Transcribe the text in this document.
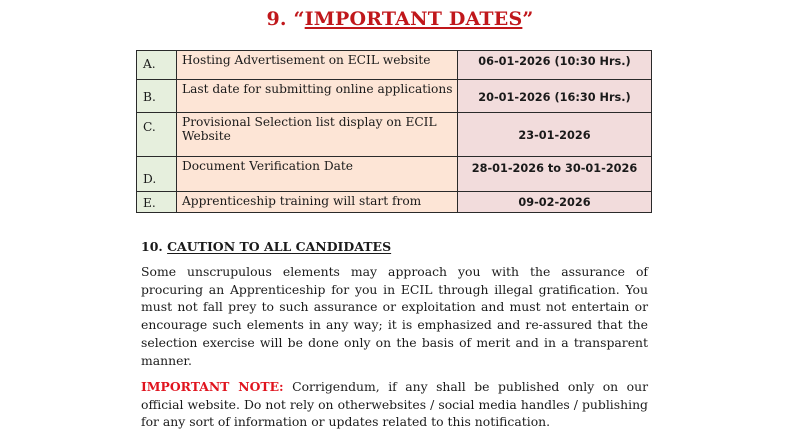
9. “IMPORTANT DATES”
A.	Hosting Advertisement on ECIL website	06-01-2026 (10:30 Hrs.)

B.	Last date for submitting online applications	20-01-2026 (16:30 Hrs.)

C.	Provisional Selection list display on ECIL Website	23-01-2026

D.	Document Verification Date	28-01-2026 to 30-01-2026

E.	Apprenticeship training will start from	09-02-2026
10. CAUTION TO ALL CANDIDATES
Some unscrupulous elements may approach you with the assurance of procuring an Apprenticeship for you in ECIL through illegal gratification. You must not fall prey to such assurance or exploitation and must not entertain or encourage such elements in any way; it is emphasized and re-assured that the selection exercise will be done only on the basis of merit and in a transparent manner.
IMPORTANT NOTE: Corrigendum, if any shall be published only on our official website. Do not rely on otherwebsites / social media handles / publishing for any sort of information or updates related to this notification.
